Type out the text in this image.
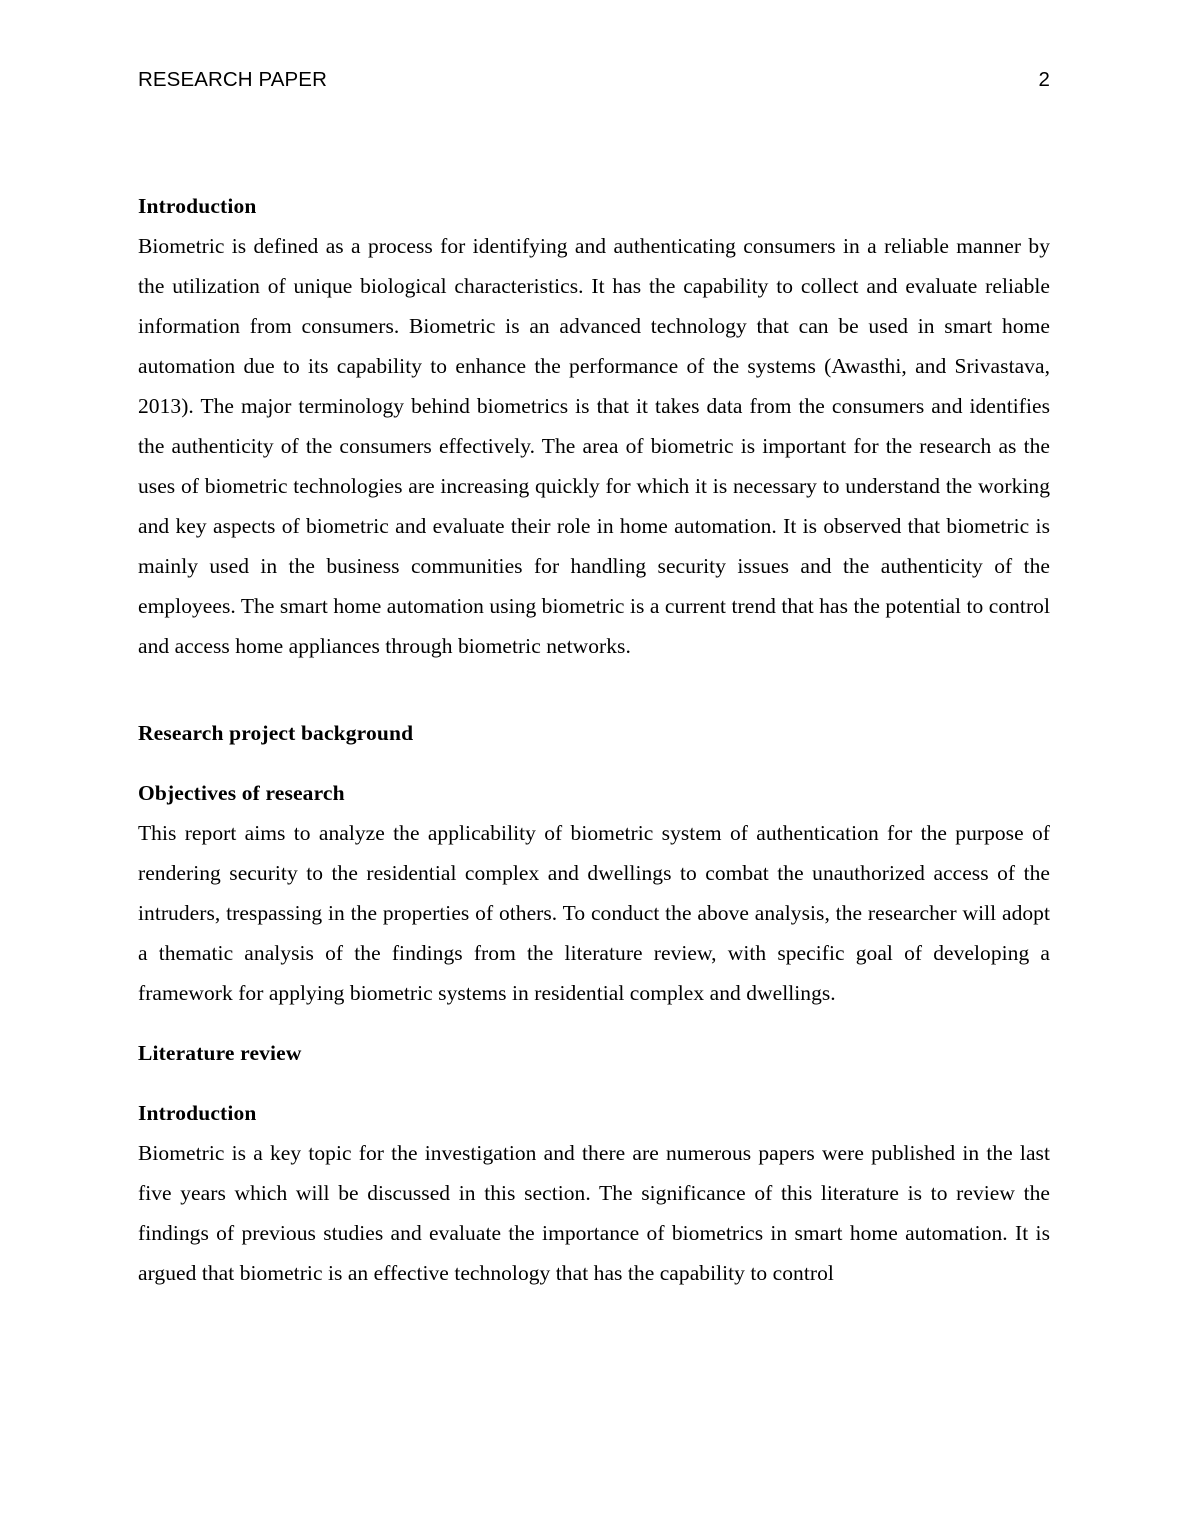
RESEARCH PAPER	2
Introduction

Biometric is defined as a process for identifying and authenticating consumers in a reliable manner by the utilization of unique biological characteristics. It has the capability to collect and evaluate reliable information from consumers. Biometric is an advanced technology that can be used in smart home automation due to its capability to enhance the performance of the systems (Awasthi, and Srivastava, 2013). The major terminology behind biometrics is that it takes data from the consumers and identifies the authenticity of the consumers effectively. The area of biometric is important for the research as the uses of biometric technologies are increasing quickly for which it is necessary to understand the working and key aspects of biometric and evaluate their role in home automation. It is observed that biometric is mainly used in the business communities for handling security issues and the authenticity of the employees. The smart home automation using biometric is a current trend that has the potential to control and access home appliances through biometric networks.

Research project background
Objectives of research

This report aims to analyze the applicability of biometric system of authentication for the purpose of rendering security to the residential complex and dwellings to combat the unauthorized access of the intruders, trespassing in the properties of others. To conduct the above analysis, the researcher will adopt a thematic analysis of the findings from the literature review, with specific goal of developing a framework for applying biometric systems in residential complex and dwellings.

Literature review
Introduction

Biometric is a key topic for the investigation and there are numerous papers were published in the last five years which will be discussed in this section. The significance of this literature is to review the findings of previous studies and evaluate the importance of biometrics in smart home automation. It is argued that biometric is an effective technology that has the capability to control
